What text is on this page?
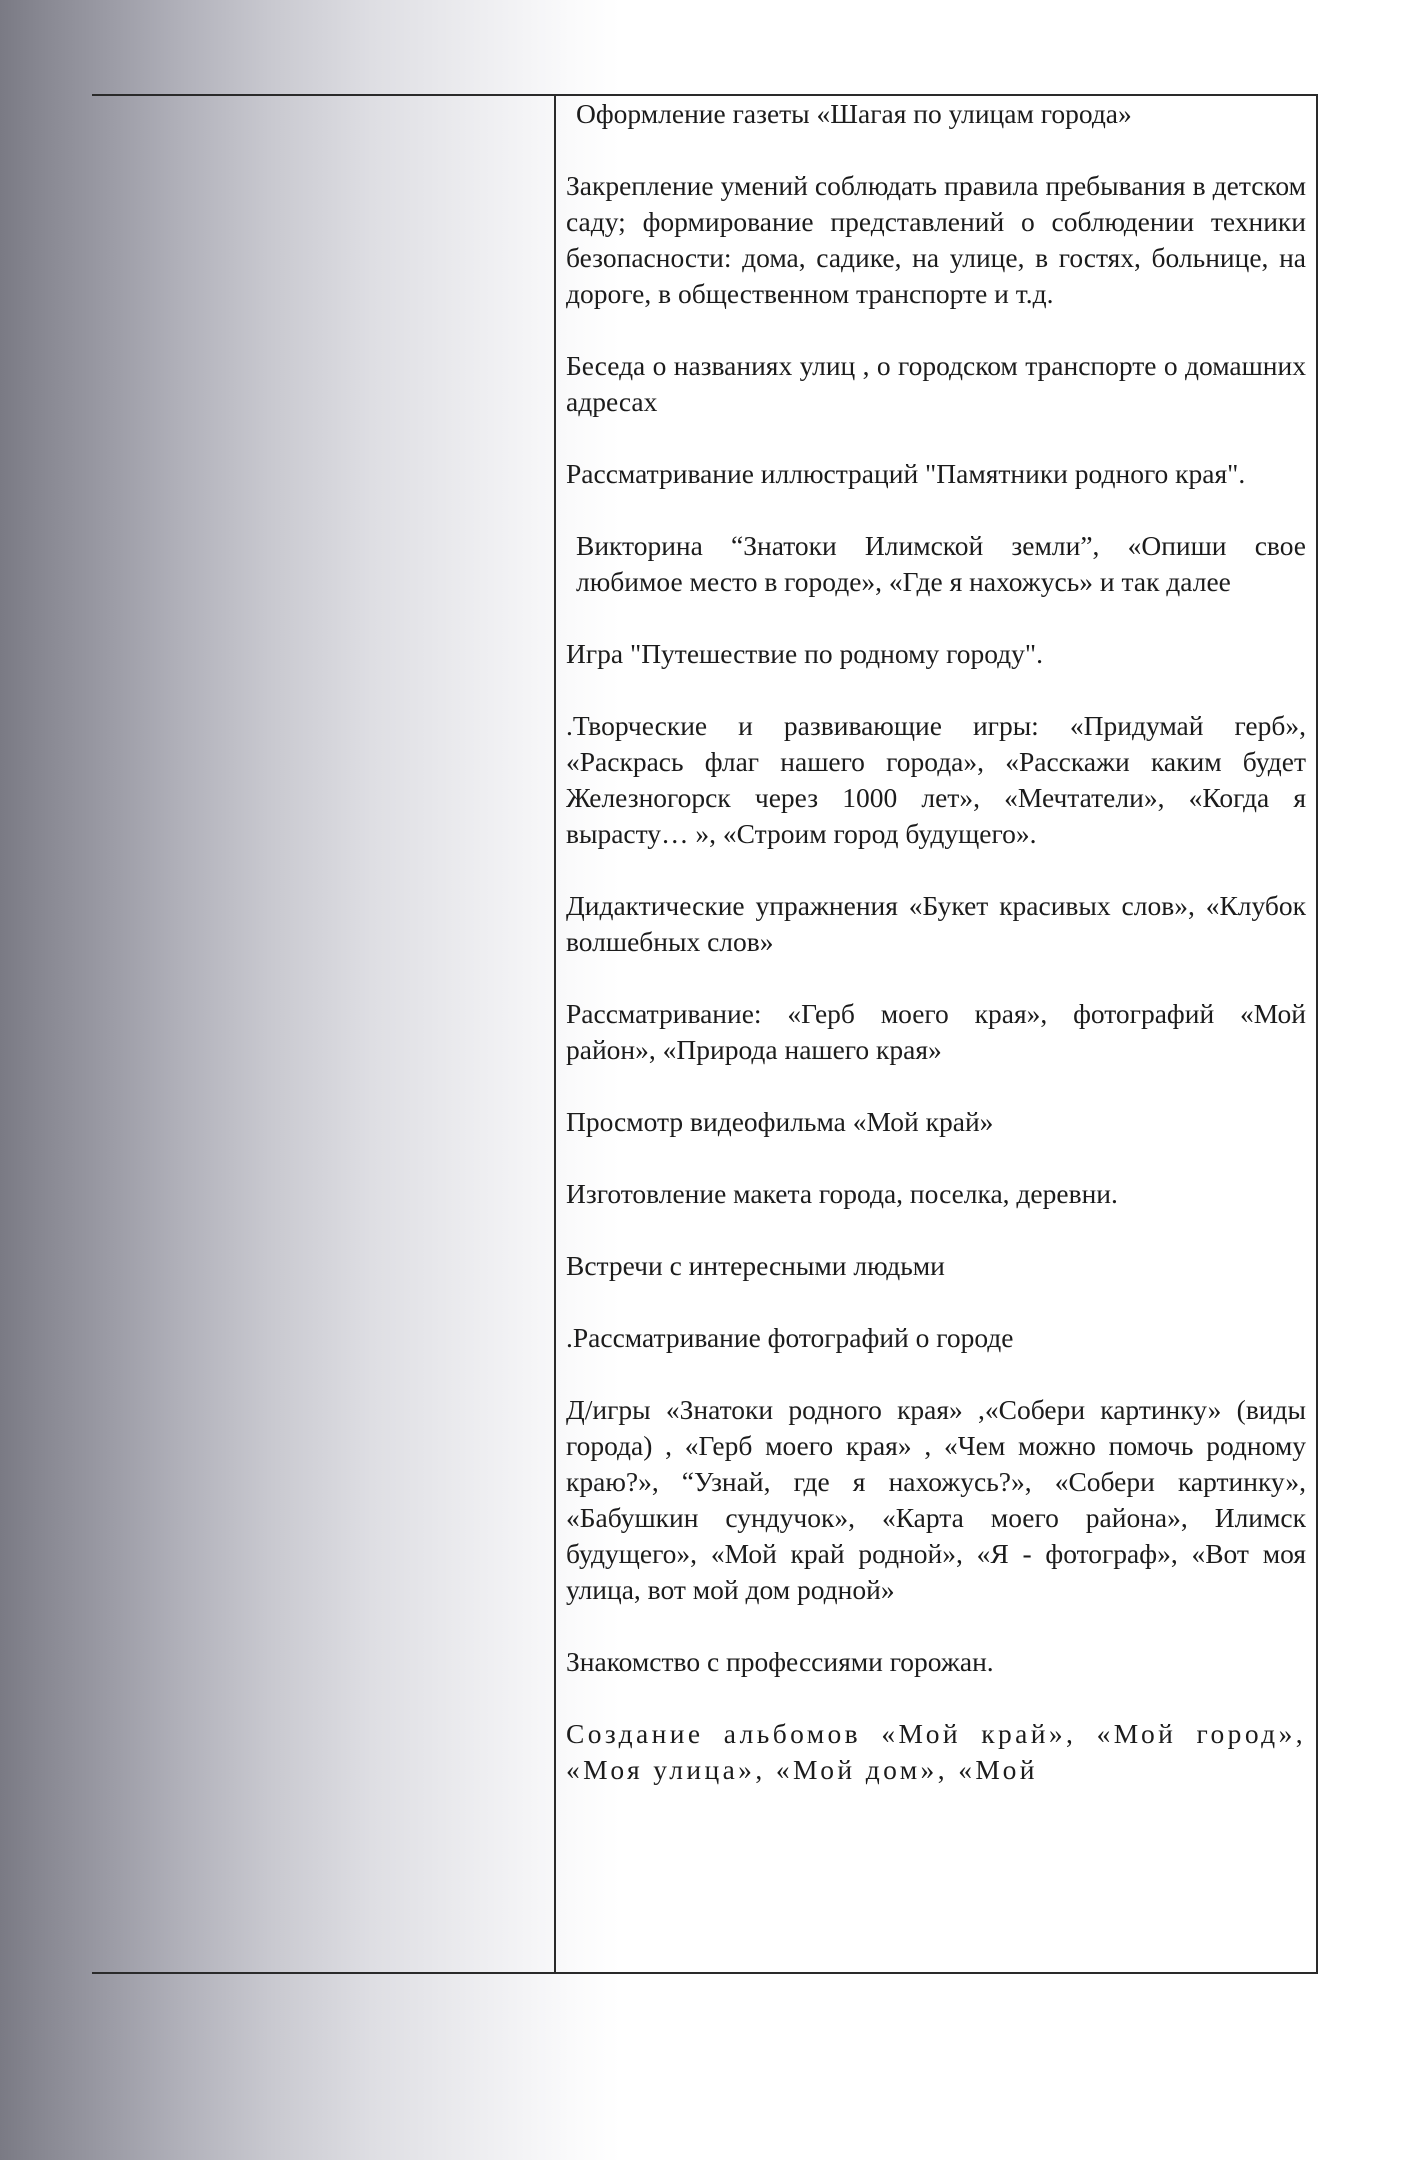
Оформление газеты «Шагая по улицам города»

Закрепление умений соблюдать правила пребывания в детском саду; формирование представлений о соблюдении техники безопасности: дома, садике, на улице, в гостях, больнице, на дороге, в общественном транспорте и т.д.

Беседа о названиях улиц , о городском транспорте о домашних адресах

Рассматривание иллюстраций "Памятники родного края".

Викторина “Знатоки Илимской земли”, «Опиши свое любимое место в городе», «Где я нахожусь» и так далее

Игра "Путешествие по родному городу".

.Творческие и развивающие игры: «Придумай герб», «Раскрась флаг нашего города», «Расскажи каким будет Железногорск через 1000 лет», «Мечтатели», «Когда я вырасту… », «Строим город будущего».

Дидактические упражнения «Букет красивых слов», «Клубок волшебных слов»

Рассматривание: «Герб моего края», фотографий «Мой район», «Природа нашего края»

Просмотр видеофильма «Мой край»

Изготовление макета города, поселка, деревни.

Встречи с интересными людьми

.Рассматривание фотографий о городе

Д/игры «Знатоки родного края» ,«Собери картинку» (виды города) , «Герб моего края» , «Чем можно помочь родному краю?», “Узнай, где я нахожусь?», «Собери картинку», «Бабушкин сундучок», «Карта моего района», Илимск будущего», «Мой край родной», «Я - фотограф», «Вот моя улица, вот мой дом родной»

Знакомство с профессиями горожан.

Создание альбомов «Мой край», «Мой город», «Моя улица», «Мой дом», «Мой
